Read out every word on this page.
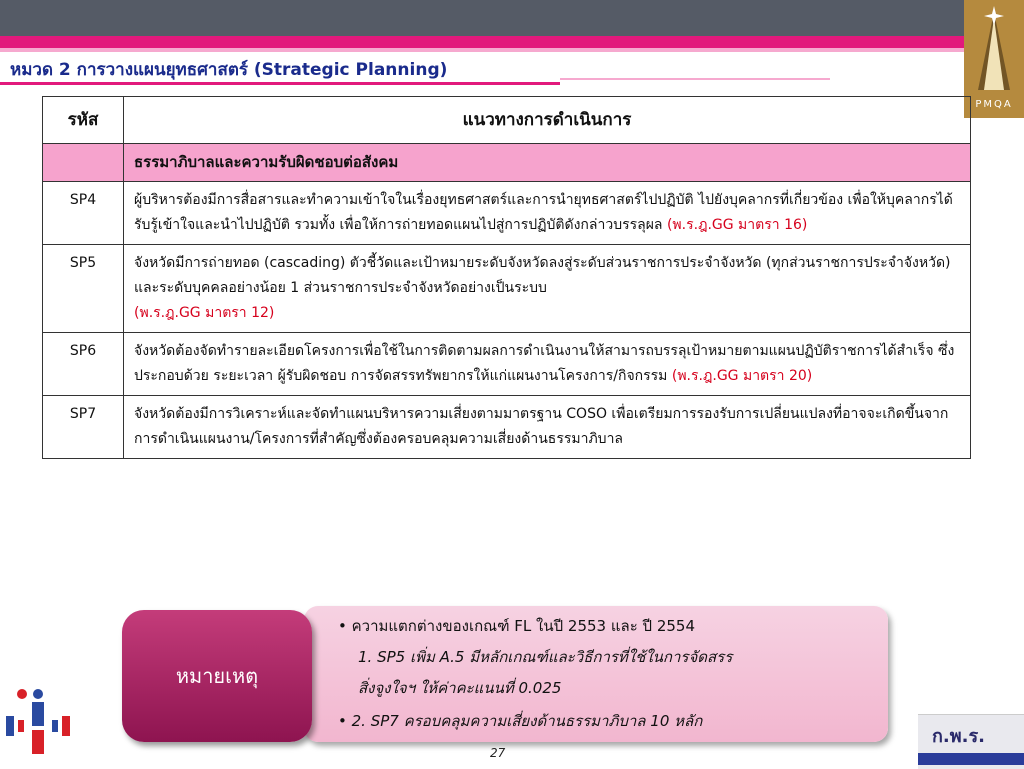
หมวด 2 การวางแผนยุทธศาสตร์ (Strategic Planning)
PMQA
รหัส	แนวทางการดำเนินการ
	ธรรมาภิบาลและความรับผิดชอบต่อสังคม
SP4	ผู้บริหารต้องมีการสื่อสารและทำความเข้าใจในเรื่องยุทธศาสตร์และการนำยุทธศาสตร์ไปปฏิบัติ ไปยังบุคลากรที่เกี่ยวข้อง เพื่อให้บุคลากรได้รับรู้เข้าใจและนำไปปฏิบัติ รวมทั้ง เพื่อให้การถ่ายทอดแผนไปสู่การปฏิบัติดังกล่าวบรรลุผล (พ.ร.ฎ.GG มาตรา 16)
SP5	จังหวัดมีการถ่ายทอด (cascading) ตัวชี้วัดและเป้าหมายระดับจังหวัดลงสู่ระดับส่วนราชการประจำจังหวัด (ทุกส่วนราชการประจำจังหวัด) และระดับบุคคลอย่างน้อย 1 ส่วนราชการประจำจังหวัดอย่างเป็นระบบ
(พ.ร.ฎ.GG มาตรา 12)
SP6	จังหวัดต้องจัดทำรายละเอียดโครงการเพื่อใช้ในการติดตามผลการดำเนินงานให้สามารถบรรลุเป้าหมายตามแผนปฏิบัติราชการได้สำเร็จ ซึ่งประกอบด้วย ระยะเวลา ผู้รับผิดชอบ การจัดสรรทรัพยากรให้แก่แผนงานโครงการ/กิจกรรม (พ.ร.ฎ.GG มาตรา 20)
SP7	จังหวัดต้องมีการวิเคราะห์และจัดทำแผนบริหารความเสี่ยงตามมาตรฐาน COSO เพื่อเตรียมการรองรับการเปลี่ยนแปลงที่อาจจะเกิดขึ้นจากการดำเนินแผนงาน/โครงการที่สำคัญซึ่งต้องครอบคลุมความเสี่ยงด้านธรรมาภิบาล
หมายเหตุ
• ความแตกต่างของเกณฑ์ FL ในปี 2553 และ ปี 2554
1. SP5 เพิ่ม A.5 มีหลักเกณฑ์และวิธีการที่ใช้ในการจัดสรร
สิ่งจูงใจฯ ให้ค่าคะแนนที่ 0.025
• 2. SP7 ครอบคลุมความเสี่ยงด้านธรรมาภิบาล 10 หลัก
ก.พ.ร.
27
